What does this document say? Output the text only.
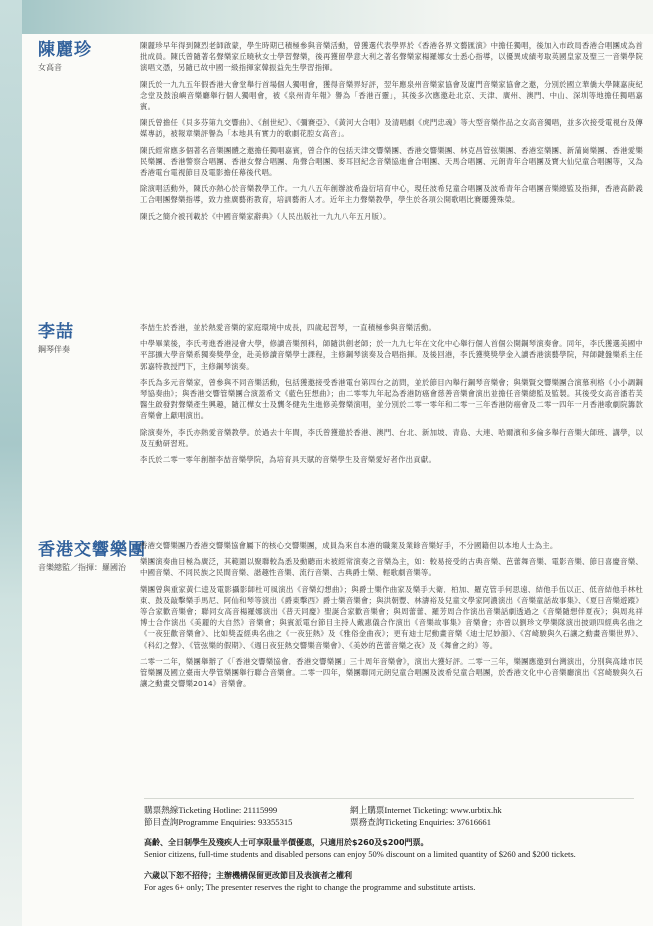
陳麗珍
女高音

陳麗珍早年得到陳烈老師啟蒙，學生時期已積極參與音樂活動，曾獲選代表學界於《香港各界文藝匯演》中擔任獨唱，後加入市政局香港合唱團成為首批成員。陳氏曾隨著名聲樂家丘曉秋女士學習聲樂，後再獲留學意大利之著名聲樂家楊羅娜女士悉心指導，以優異成績考取英國皇家及聖三一音樂學院演唱文憑，另隨已故中國一級指揮家韓振益先生學習指揮。

陳氏於一九九五年假香港大會堂舉行首場個人獨唱會，獲得音樂界好評，翌年應泉州音樂家協會及廈門音樂家協會之邀，分別於國立華僑大學陳嘉庚紀念堂及鼓浪嶼音樂廳舉行個人獨唱會，被《泉州青年報》譽為「香港百靈」，其後多次應邀赴北京、天津、廣州、澳門、中山、深圳等地擔任獨唱嘉賓。

陳氏曾擔任《貝多芬第九交響曲》、《創世紀》、《彌賽亞》、《黃河大合唱》及清唱劇《虎門忠魂》等大型音樂作品之女高音獨唱，並多次接受電視台及傳媒專訪，被報章樂評譽為「本地具有實力的歌劇花腔女高音」。

陳氏經常應多個著名音樂團體之邀擔任獨唱嘉賓，曾合作的包括天津交響樂團、香港交響樂團、林克昌管弦樂團、香港室樂團、新蒲崗樂團、香港愛樂民樂團、香港警察合唱團、香港女聲合唱團、角聲合唱團、麥耳回紀念音樂協進會合唱團、天馬合唱團、元朗青年合唱團及寶大仙兒童合唱團等，又為香港電台電視節目及電影擔任幕後代唱。

除演唱活動外，陳氏亦熱心於音樂教學工作。一九八五年創辦波希盎衍培育中心，現任波希兒童合唱團及波希青年合唱團音樂總監及指揮，香港高齡義工合唱團聲樂指導，致力推廣藝術教育，培訓藝術人才。近年主力聲樂教學，學生於各項公開歌唱比賽屢獲殊榮。

陳氏之簡介被刊載於《中國音樂家辭典》（人民出版社一九九八年五月版）。

李喆
鋼琴伴奏

李喆生於香港，並於熱愛音樂的家庭環境中成長，四歲起習琴，一直積極參與音樂活動。

中學畢業後，李氏考進香港浸會大學，修讀音樂預科，師隨洪劍老師；於一九九七年在文化中心舉行個人首個公開鋼琴演奏會。同年，李氏獲選美國中平部擴大學音樂系獨奏獎學金，赴美修讀音樂學士課程，主修鋼琴演奏及合唱指揮。及後回港，李氏獲獎獎學金入讀香港演藝學院，拜師鍵盤樂系主任郭嘉特教授門下，主修鋼琴演奏。

李氏為多元音樂家，曾參與不同音樂活動，包括獲邀接受香港電台第四台之訪問，並於節目內舉行鋼琴音樂會；與樂賢交響樂團合演慕利格《小小調鋼琴協奏曲》；與香港交響管樂團合演蓋希文《藍色狂想曲》；由二零零九年起為香港防癌會慈善音樂會演出並擔任音樂總監及監製。其後受女高音潘若芙醫生啟發對聲樂產生興趣，隨江樺女士及龔冬健先生進修美聲樂演唱，並分別於二零一零年和二零一三年香港防癌會及二零一四年一月香港歌劇院籌款音樂會上獻唱演出。

除演奏外，李氏亦熱愛音樂教學。於過去十年間，李氏曾獲邀於香港、澳門、台北、新加坡、青島、大連、哈爾濱和多倫多舉行音樂大師班、講學，以及互動研習班。

李氏於二零一零年創辦李喆音樂學院，為培育具天賦的音樂學生及音樂愛好者作出貢獻。

香港交響樂團
音樂總監／指揮：羅國治

香港交響樂團乃香港交響樂協會屬下的核心交響樂團，成員為來自本港的職業及業餘音樂好手，不分國籍但以本地人士為主。

樂團演奏曲目極為廣泛，其範圍以聚聯較為悉及動聽而未被經常演奏之音樂為主，如：較易接受的古典音樂、芭蕾舞音樂、電影音樂、節日喜慶音樂、中國音樂、不同民族之民間音樂、諧趣性音樂、流行音樂、古典爵士樂、輕歌劇音樂等。

樂團曾與重家黃仁逵及電影攝影師杜可風演出《音樂幻想曲》；與爵士樂作曲家及樂手大衛．柏加、羅克管手何思遠、結他手伍以正、低音結他手林杜東、鼓及敲擊樂手馬尼、阿仙和琴等演出《爵東擊西》爵士樂音樂會；與洪朝豐、林濤裕及兒童文學家阿濃演出《音樂童話故事集》、《夏日音樂遊蹤》等合家歡音樂會；聯同女高音楊羅娜演出《普天同慶》聖誕合家歡音樂會；與周蕾蕾、羅芳周合作演出音樂話劇透過之《音樂隨想伴夏夜》；與周兆祥博士合作演出《美麗的大自然》音樂會；與賓派電台節目主持人戴惠儀合作演出《音樂故事集》音樂會；亦曾以劉珍文學樂隊演出披頭四經典名曲之《一夜狂歡音樂會》、比如獎盃經典名曲之《一夜狂熱》及《雅俗金曲夜》；更有迪士尼動畫音樂《迪士尼妙韻》、《宮崎駿與久石讓之動畫音樂世界》、《科幻之聲》、《管弦樂的假期》、《週日夜狂熱交響樂音樂會》、《美妙的芭蕾音樂之夜》及《舞會之約》等。

二零一二年，樂團舉辦了《「香港交響樂協會．香港交響樂團」三十周年音樂會》，演出大獲好評。二零一三年，樂團應邀到台灣演出，分別與高雄市民管樂團及國立臺南大學管樂團舉行聯合音樂會。二零一四年，樂團聯同元朗兒童合唱團及波希兒童合唱團，於香港文化中心音樂廳演出《宮崎駿與久石讓之動畫交響樂2014》音樂會。

購票熱線Ticketing Hotline: 21115999	網上購票Internet Ticketing: www.urbtix.hk
節目查詢Programme Enquiries: 93355315	票務查詢Ticketing Enquiries: 37616661

高齡、全日制學生及殘疾人士可享限量半價優惠，只適用於$260及$200門票。
Senior citizens, full-time students and disabled persons can enjoy 50% discount on a limited quantity of $260 and $200 tickets.

六歲以下恕不招待；主辦機構保留更改節目及表演者之權利
For ages 6+ only; The presenter reserves the right to change the programme and substitute artists.
